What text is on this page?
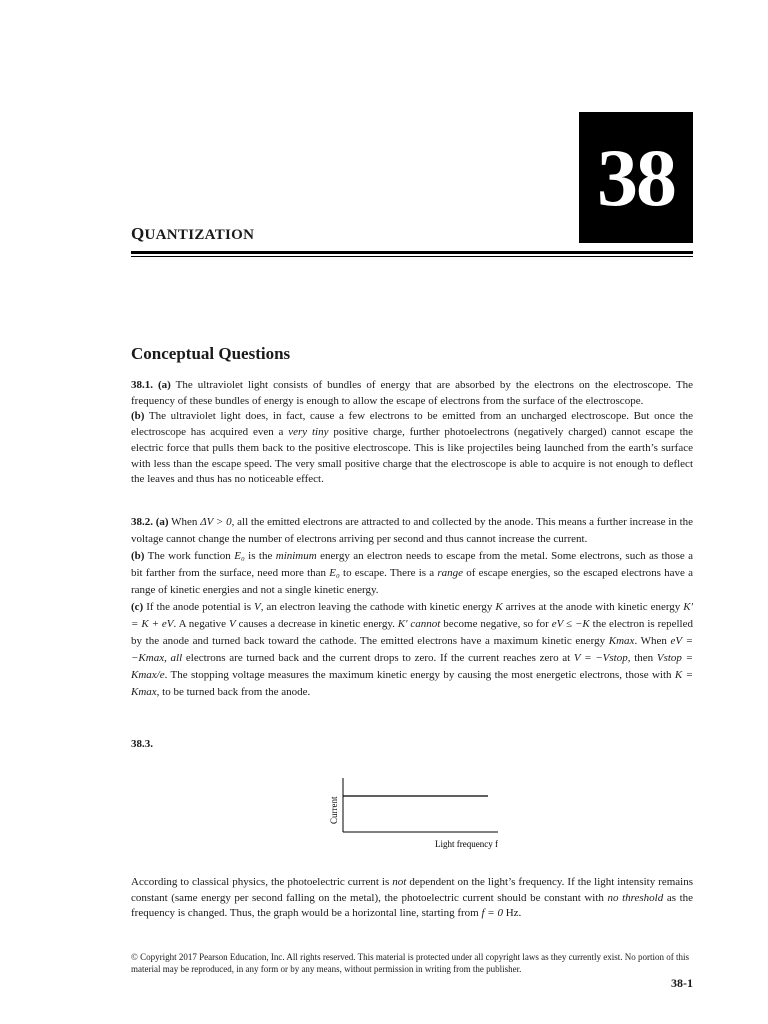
38
QUANTIZATION
Conceptual Questions

38.1. (a) The ultraviolet light consists of bundles of energy that are absorbed by the electrons on the electroscope. The frequency of these bundles of energy is enough to allow the escape of electrons from the surface of the electroscope.
(b) The ultraviolet light does, in fact, cause a few electrons to be emitted from an uncharged electroscope. But once the electroscope has acquired even a very tiny positive charge, further photoelectrons (negatively charged) cannot escape the electric force that pulls them back to the positive electroscope. This is like projectiles being launched from the earth’s surface with less than the escape speed. The very small positive charge that the electroscope is able to acquire is not enough to deflect the leaves and thus has no noticeable effect.

38.2. (a) When ΔV > 0, all the emitted electrons are attracted to and collected by the anode. This means a further increase in the voltage cannot change the number of electrons arriving per second and thus cannot increase the current.
(b) The work function E₀ is the minimum energy an electron needs to escape from the metal. Some electrons, such as those a bit farther from the surface, need more than E₀ to escape. There is a range of escape energies, so the escaped electrons have a range of kinetic energies and not a single kinetic energy.
(c) If the anode potential is V, an electron leaving the cathode with kinetic energy K arrives at the anode with kinetic energy K′ = K + eV. A negative V causes a decrease in kinetic energy. K′ cannot become negative, so for eV ≤ −K the electron is repelled by the anode and turned back toward the cathode. The emitted electrons have a maximum kinetic energy Kmax. When eV = −Kmax, all electrons are turned back and the current drops to zero. If the current reaches zero at V = −Vstop, then Vstop = Kmax/e. The stopping voltage measures the maximum kinetic energy by causing the most energetic electrons, those with K = Kmax, to be turned back from the anode.

38.3.

Current
Light frequency f

According to classical physics, the photoelectric current is not dependent on the light’s frequency. If the light intensity remains constant (same energy per second falling on the metal), the photoelectric current should be constant with no threshold as the frequency is changed. Thus, the graph would be a horizontal line, starting from f = 0 Hz.

© Copyright 2017 Pearson Education, Inc. All rights reserved. This material is protected under all copyright laws as they currently exist. No portion of this material may be reproduced, in any form or by any means, without permission in writing from the publisher.

38-1
